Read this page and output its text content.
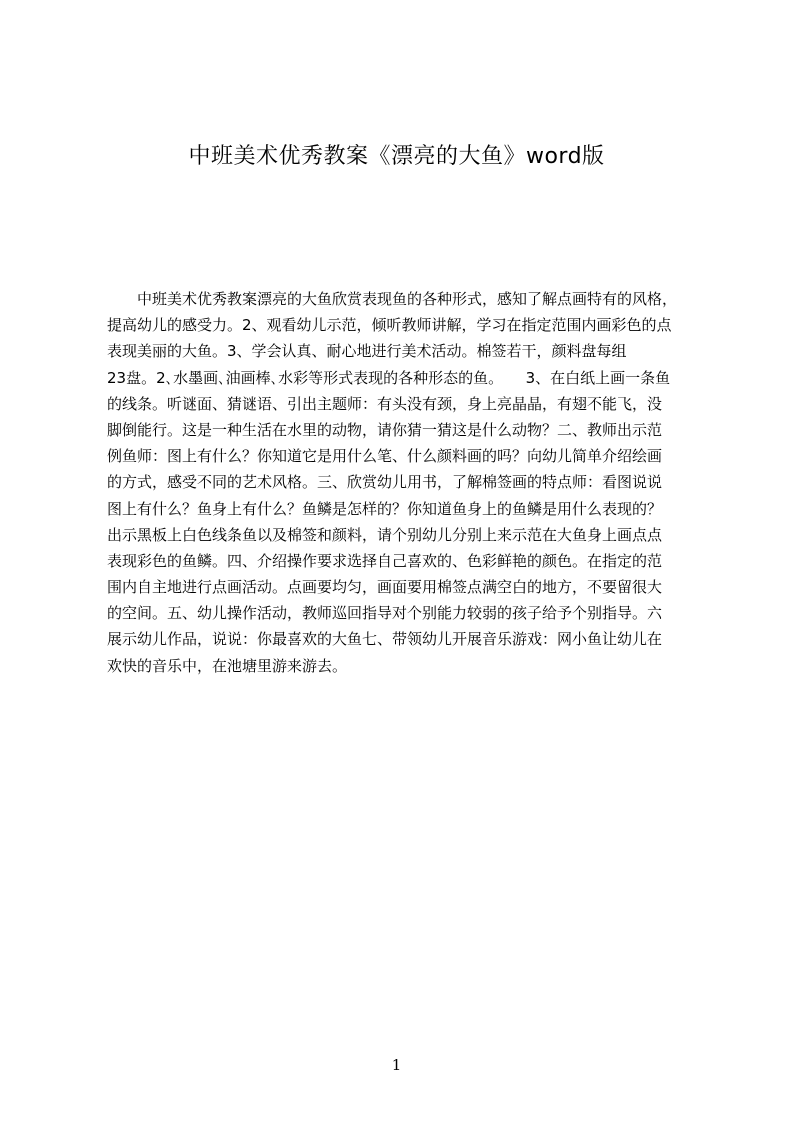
中班美术优秀教案《漂亮的大鱼》word版
中班美术优秀教案漂亮的大鱼欣赏表现鱼的各种形式，感知了解点画特有的风格，
提高幼儿的感受力。2、观看幼儿示范，倾听教师讲解，学习在指定范围内画彩色的点
表现美丽的大鱼。3、学会认真、耐心地进行美术活动。棉签若干，颜料盘每组
23盘。2､水墨画､油画棒､水彩等形式表现的各种形态的鱼。　　3、在白纸上画一条鱼
的线条。听谜面、猜谜语、引出主题师：有头没有颈，身上亮晶晶，有翅不能飞，没
脚倒能行。这是一种生活在水里的动物，请你猜一猜这是什么动物？二、教师出示范
例鱼师：图上有什么？你知道它是用什么笔、什么颜料画的吗？向幼儿简单介绍绘画
的方式，感受不同的艺术风格。三、欣赏幼儿用书，了解棉签画的特点师：看图说说
图上有什么？鱼身上有什么？鱼鳞是怎样的？你知道鱼身上的鱼鳞是用什么表现的？
出示黑板上白色线条鱼以及棉签和颜料，请个别幼儿分别上来示范在大鱼身上画点点
表现彩色的鱼鳞。四、介绍操作要求选择自己喜欢的、色彩鲜艳的颜色。在指定的范
围内自主地进行点画活动。点画要均匀，画面要用棉签点满空白的地方，不要留很大
的空间。五、幼儿操作活动，教师巡回指导对个别能力较弱的孩子给予个别指导。六
展示幼儿作品，说说：你最喜欢的大鱼七、带领幼儿开展音乐游戏：网小鱼让幼儿在
欢快的音乐中，在池塘里游来游去。
1
